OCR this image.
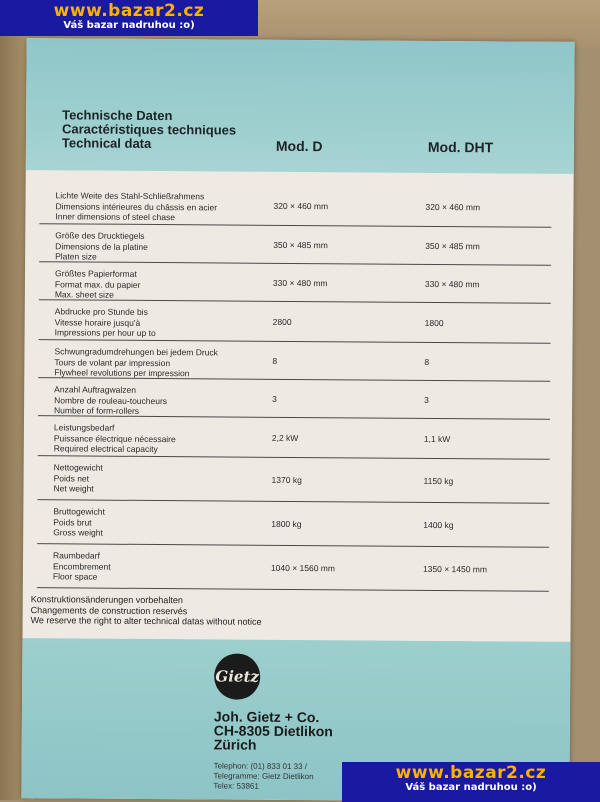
Technische Daten
Caractéristiques techniques
Technical data	Mod. D	Mod. DHT
Lichte Weite des Stahl-Schließrahmens
Dimensions intérieures du châssis en acier
Inner dimensions of steel chase
320 × 460 mm	320 × 460 mm
Größe des Drucktiegels
Dimensions de la platine
Platen size
350 × 485 mm	350 × 485 mm
Größtes Papierformat
Format max. du papier
Max. sheet size
330 × 480 mm	330 × 480 mm
Abdrucke pro Stunde bis
Vitesse horaire jusqu'à
Impressions per hour up to
2800	1800
Schwungradumdrehungen bei jedem Druck
Tours de volant par impression
Flywheel revolutions per impression
8	8
Anzahl Auftragwalzen
Nombre de rouleau-toucheurs
Number of form-rollers
3	3
Leistungsbedarf
Puissance électrique nécessaire
Required electrical capacity
2,2 kW	1,1 kW
Nettogewicht
Poids net
Net weight
1370 kg	1150 kg
Bruttogewicht
Poids brut
Gross weight
1800 kg	1400 kg
Raumbedarf
Encombrement
Floor space
1040 × 1560 mm	1350 × 1450 mm
Konstruktionsänderungen vorbehalten
Changements de construction reservés
We reserve the right to alter technical datas without notice
Gietz
Joh. Gietz + Co.
CH-8305 Dietlikon
Zürich
Telephon: (01) 833 01 33 /
Telegramme: Gietz Dietlikon
Telex: 53861
www.bazar2.cz
Váš bazar nadruhou :o)
www.bazar2.cz
Váš bazar nadruhou :o)
